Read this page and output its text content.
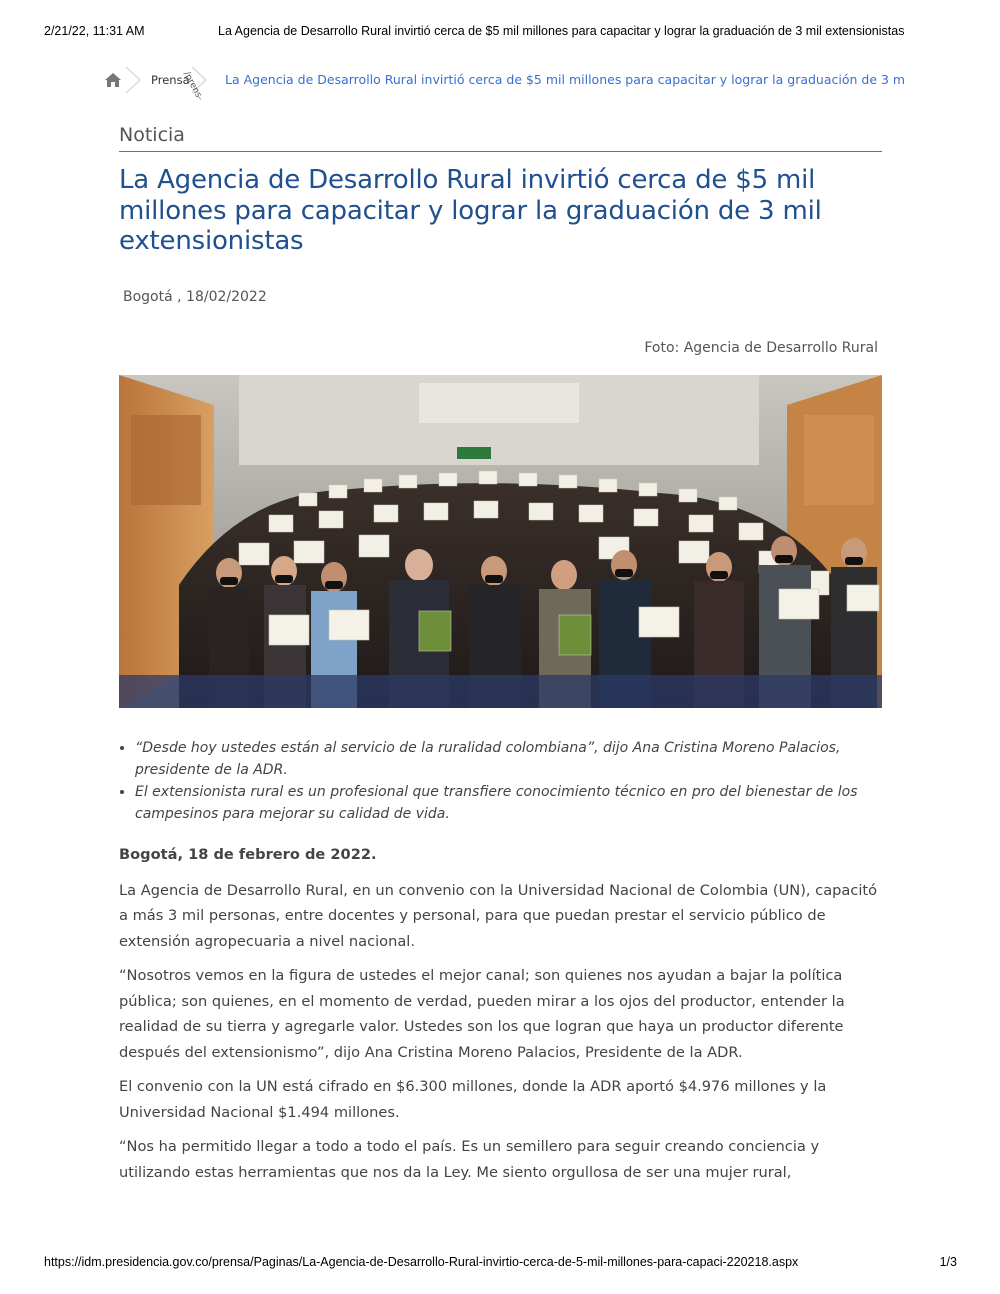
2/21/22, 11:31 AM	La Agencia de Desarrollo Rural invirtió cerca de $5 mil millones para capacitar y lograr la graduación de 3 mil extensionistas
Prensa
/prens- La Agencia de Desarrollo Rural invirtió cerca de $5 mil millones para capacitar y lograr la graduación de 3 m
Noticia
La Agencia de Desarrollo Rural invirtió cerca de $5 mil millones para capacitar y lograr la graduación de 3 mil extensionistas
Bogotá , 18/02/2022
Foto: Agencia de Desarrollo Rural
• “Desde hoy ustedes están al servicio de la ruralidad colombiana”, dijo Ana Cristina Moreno Palacios, presidente de la ADR.
• El extensionista rural es un profesional que transfiere conocimiento técnico en pro del bienestar de los campesinos para mejorar su calidad de vida.

Bogotá, 18 de febrero de 2022.

La Agencia de Desarrollo Rural, en un convenio con la Universidad Nacional de Colombia (UN), capacitó a más 3 mil personas, entre docentes y personal, para que puedan prestar el servicio público de extensión agropecuaria a nivel nacional.

“Nosotros vemos en la figura de ustedes el mejor canal; son quienes nos ayudan a bajar la política pública; son quienes, en el momento de verdad, pueden mirar a los ojos del productor, entender la realidad de su tierra y agregarle valor. Ustedes son los que logran que haya un productor diferente después del extensionismo”, dijo Ana Cristina Moreno Palacios, Presidente de la ADR.

El convenio con la UN está cifrado en $6.300 millones, donde la ADR aportó $4.976 millones y la Universidad Nacional $1.494 millones.

“Nos ha permitido llegar a todo a todo el país. Es un semillero para seguir creando conciencia y utilizando estas herramientas que nos da la Ley. Me siento orgullosa de ser una mujer rural,

https://idm.presidencia.gov.co/prensa/Paginas/La-Agencia-de-Desarrollo-Rural-invirtio-cerca-de-5-mil-millones-para-capaci-220218.aspx	1/3
